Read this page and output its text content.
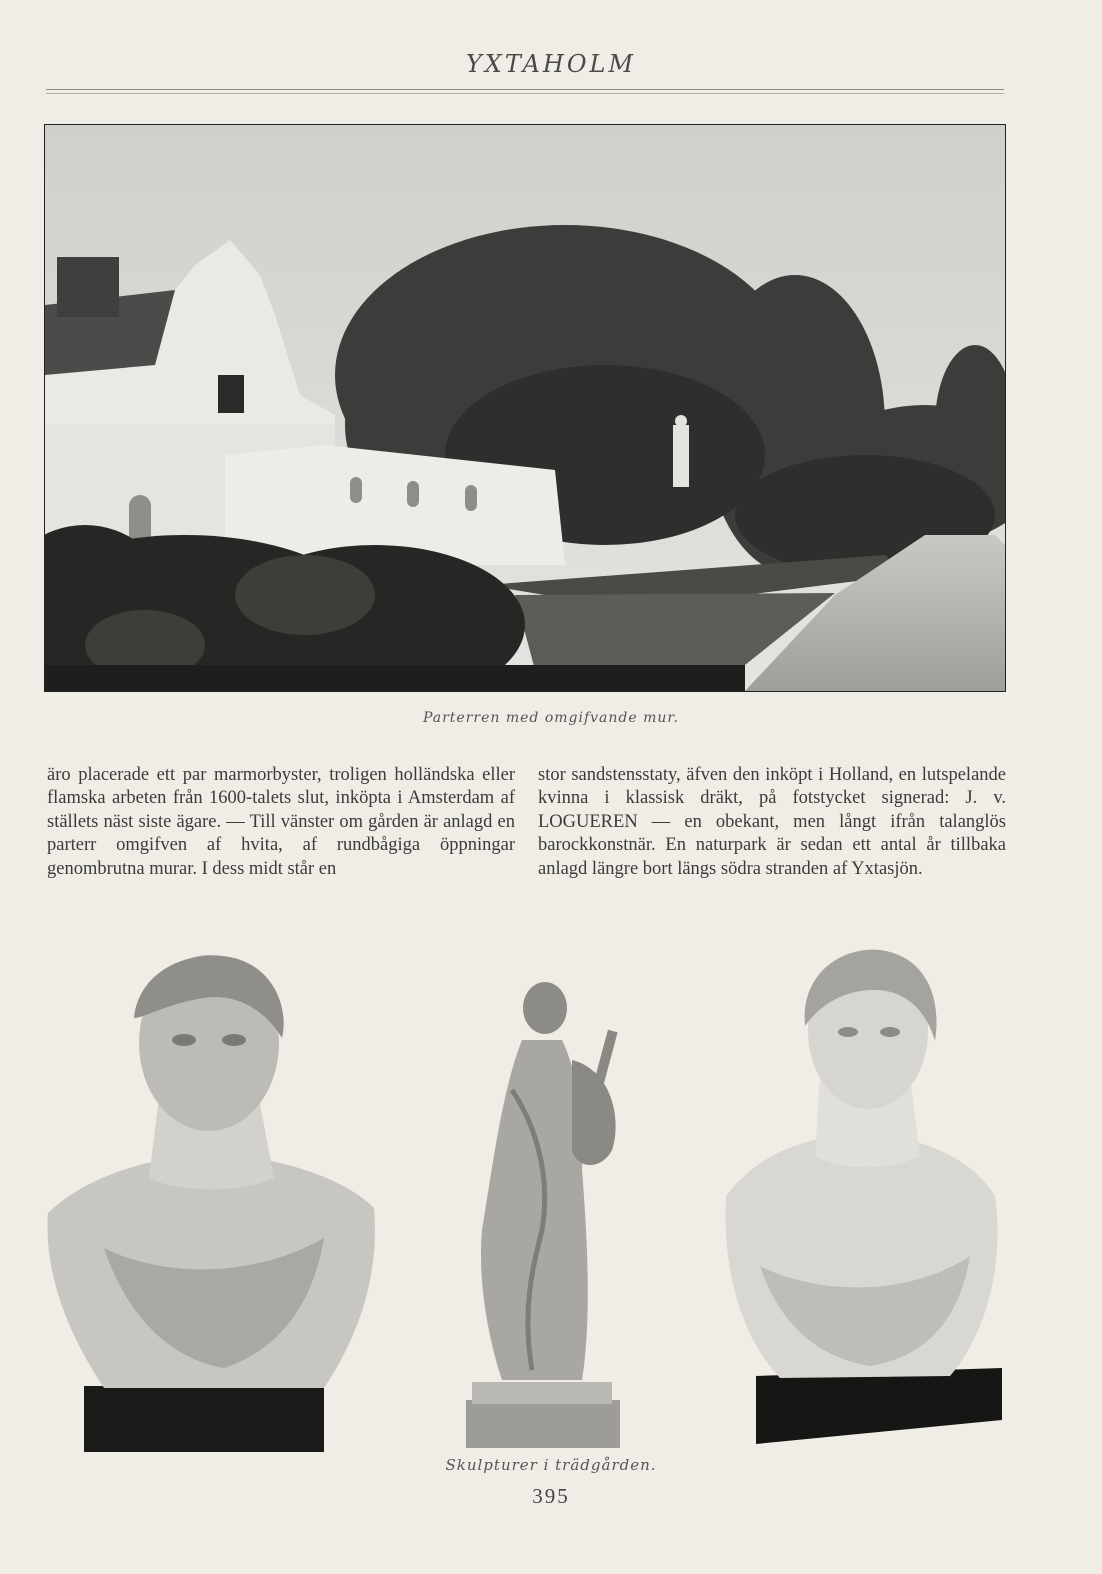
YXTAHOLM
Parterren med omgifvande mur.

äro placerade ett par marmorbyster, troligen holländska eller flamska arbeten från 1600-talets slut, inköpta i Amsterdam af ställets näst siste ägare. — Till vänster om gården är anlagd en parterr omgifven af hvita, af rundbågiga öppningar genombrutna murar. I dess midt står en

stor sandstensstaty, äfven den inköpt i Holland, en lutspelande kvinna i klassisk dräkt, på fotstycket signerad: J. v. LOGUEREN — en obekant, men långt ifrån talanglös barockkonstnär. En naturpark är sedan ett antal år tillbaka anlagd längre bort längs södra stranden af Yxtasjön.

Skulpturer i trädgården.
395
